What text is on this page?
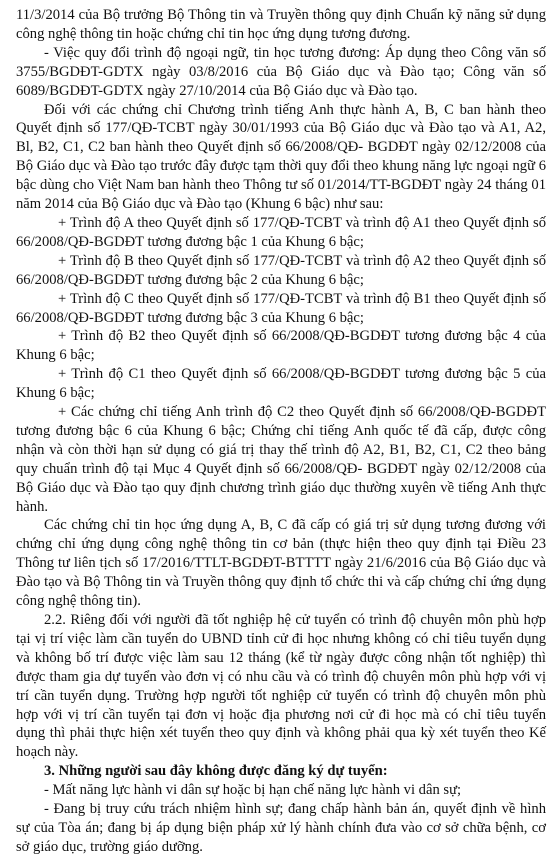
11/3/2014 của Bộ trưởng Bộ Thông tin và Truyền thông quy định Chuẩn kỹ năng sử dụng công nghệ thông tin hoặc chứng chỉ tin học ứng dụng tương đương.

- Việc quy đổi trình độ ngoại ngữ, tin học tương đương: Áp dụng theo Công văn số 3755/BGDĐT-GDTX ngày 03/8/2016 của Bộ Giáo dục và Đào tạo; Công văn số 6089/BGDĐT-GDTX ngày 27/10/2014 của Bộ Giáo dục và Đào tạo.

Đối với các chứng chỉ Chương trình tiếng Anh thực hành A, B, C ban hành theo Quyết định số 177/QĐ-TCBT ngày 30/01/1993 của Bộ Giáo dục và Đào tạo và A1, A2, Bl, B2, C1, C2 ban hành theo Quyết định số 66/2008/QĐ- BGDĐT ngày 02/12/2008 của Bộ Giáo dục và Đào tạo trước đây được tạm thời quy đổi theo khung năng lực ngoại ngữ 6 bậc dùng cho Việt Nam ban hành theo Thông tư số 01/2014/TT-BGDĐT ngày 24 tháng 01 năm 2014 của Bộ Giáo dục và Đào tạo (Khung 6 bậc) như sau:

+ Trình độ A theo Quyết định số 177/QĐ-TCBT và trình độ A1 theo Quyết định số 66/2008/QĐ-BGDĐT tương đương bậc 1 của Khung 6 bậc;

+ Trình độ B theo Quyết định số 177/QĐ-TCBT và trình độ A2 theo Quyết định số 66/2008/QĐ-BGDĐT tương đương bậc 2 của Khung 6 bậc;

+ Trình độ C theo Quyết định số 177/QĐ-TCBT và trình độ B1 theo Quyết định số 66/2008/QĐ-BGDĐT tương đương bậc 3 của Khung 6 bậc;

+ Trình độ B2 theo Quyết định số 66/2008/QĐ-BGDĐT tương đương bậc 4 của Khung 6 bậc;

+ Trình độ C1 theo Quyết định số 66/2008/QĐ-BGDĐT tương đương bậc 5 của Khung 6 bậc;

+ Các chứng chỉ tiếng Anh trình độ C2 theo Quyết định số 66/2008/QĐ-BGDĐT tương đương bậc 6 của Khung 6 bậc; Chứng chỉ tiếng Anh quốc tế đã cấp, được công nhận và còn thời hạn sử dụng có giá trị thay thế trình độ A2, B1, B2, C1, C2 theo bảng quy chuẩn trình độ tại Mục 4 Quyết định số 66/2008/QĐ- BGDĐT ngày 02/12/2008 của Bộ Giáo dục và Đào tạo quy định chương trình giáo dục thường xuyên về tiếng Anh thực hành.

Các chứng chỉ tin học ứng dụng A, B, C đã cấp có giá trị sử dụng tương đương với chứng chỉ ứng dụng công nghệ thông tin cơ bản (thực hiện theo quy định tại Điều 23 Thông tư liên tịch số 17/2016/TTLT-BGDĐT-BTTTT ngày 21/6/2016 của Bộ Giáo dục và Đào tạo và Bộ Thông tin và Truyền thông quy định tổ chức thi và cấp chứng chỉ ứng dụng công nghệ thông tin).

2.2. Riêng đối với người đã tốt nghiệp hệ cử tuyển có trình độ chuyên môn phù hợp tại vị trí việc làm cần tuyển do UBND tỉnh cử đi học nhưng không có chỉ tiêu tuyển dụng và không bố trí được việc làm sau 12 tháng (kể từ ngày được công nhận tốt nghiệp) thì được tham gia dự tuyển vào đơn vị có nhu cầu và có trình độ chuyên môn phù hợp với vị trí cần tuyển dụng. Trường hợp người tốt nghiệp cử tuyển có trình độ chuyên môn phù hợp với vị trí cần tuyển tại đơn vị hoặc địa phương nơi cử đi học mà có chỉ tiêu tuyển dụng thì phải thực hiện xét tuyển theo quy định và không phải qua kỳ xét tuyển theo Kế hoạch này.

3. Những người sau đây không được đăng ký dự tuyển:

- Mất năng lực hành vi dân sự hoặc bị hạn chế năng lực hành vi dân sự;

- Đang bị truy cứu trách nhiệm hình sự; đang chấp hành bản án, quyết định về hình sự của Tòa án; đang bị áp dụng biện pháp xử lý hành chính đưa vào cơ sở chữa bệnh, cơ sở giáo dục, trường giáo dưỡng.
